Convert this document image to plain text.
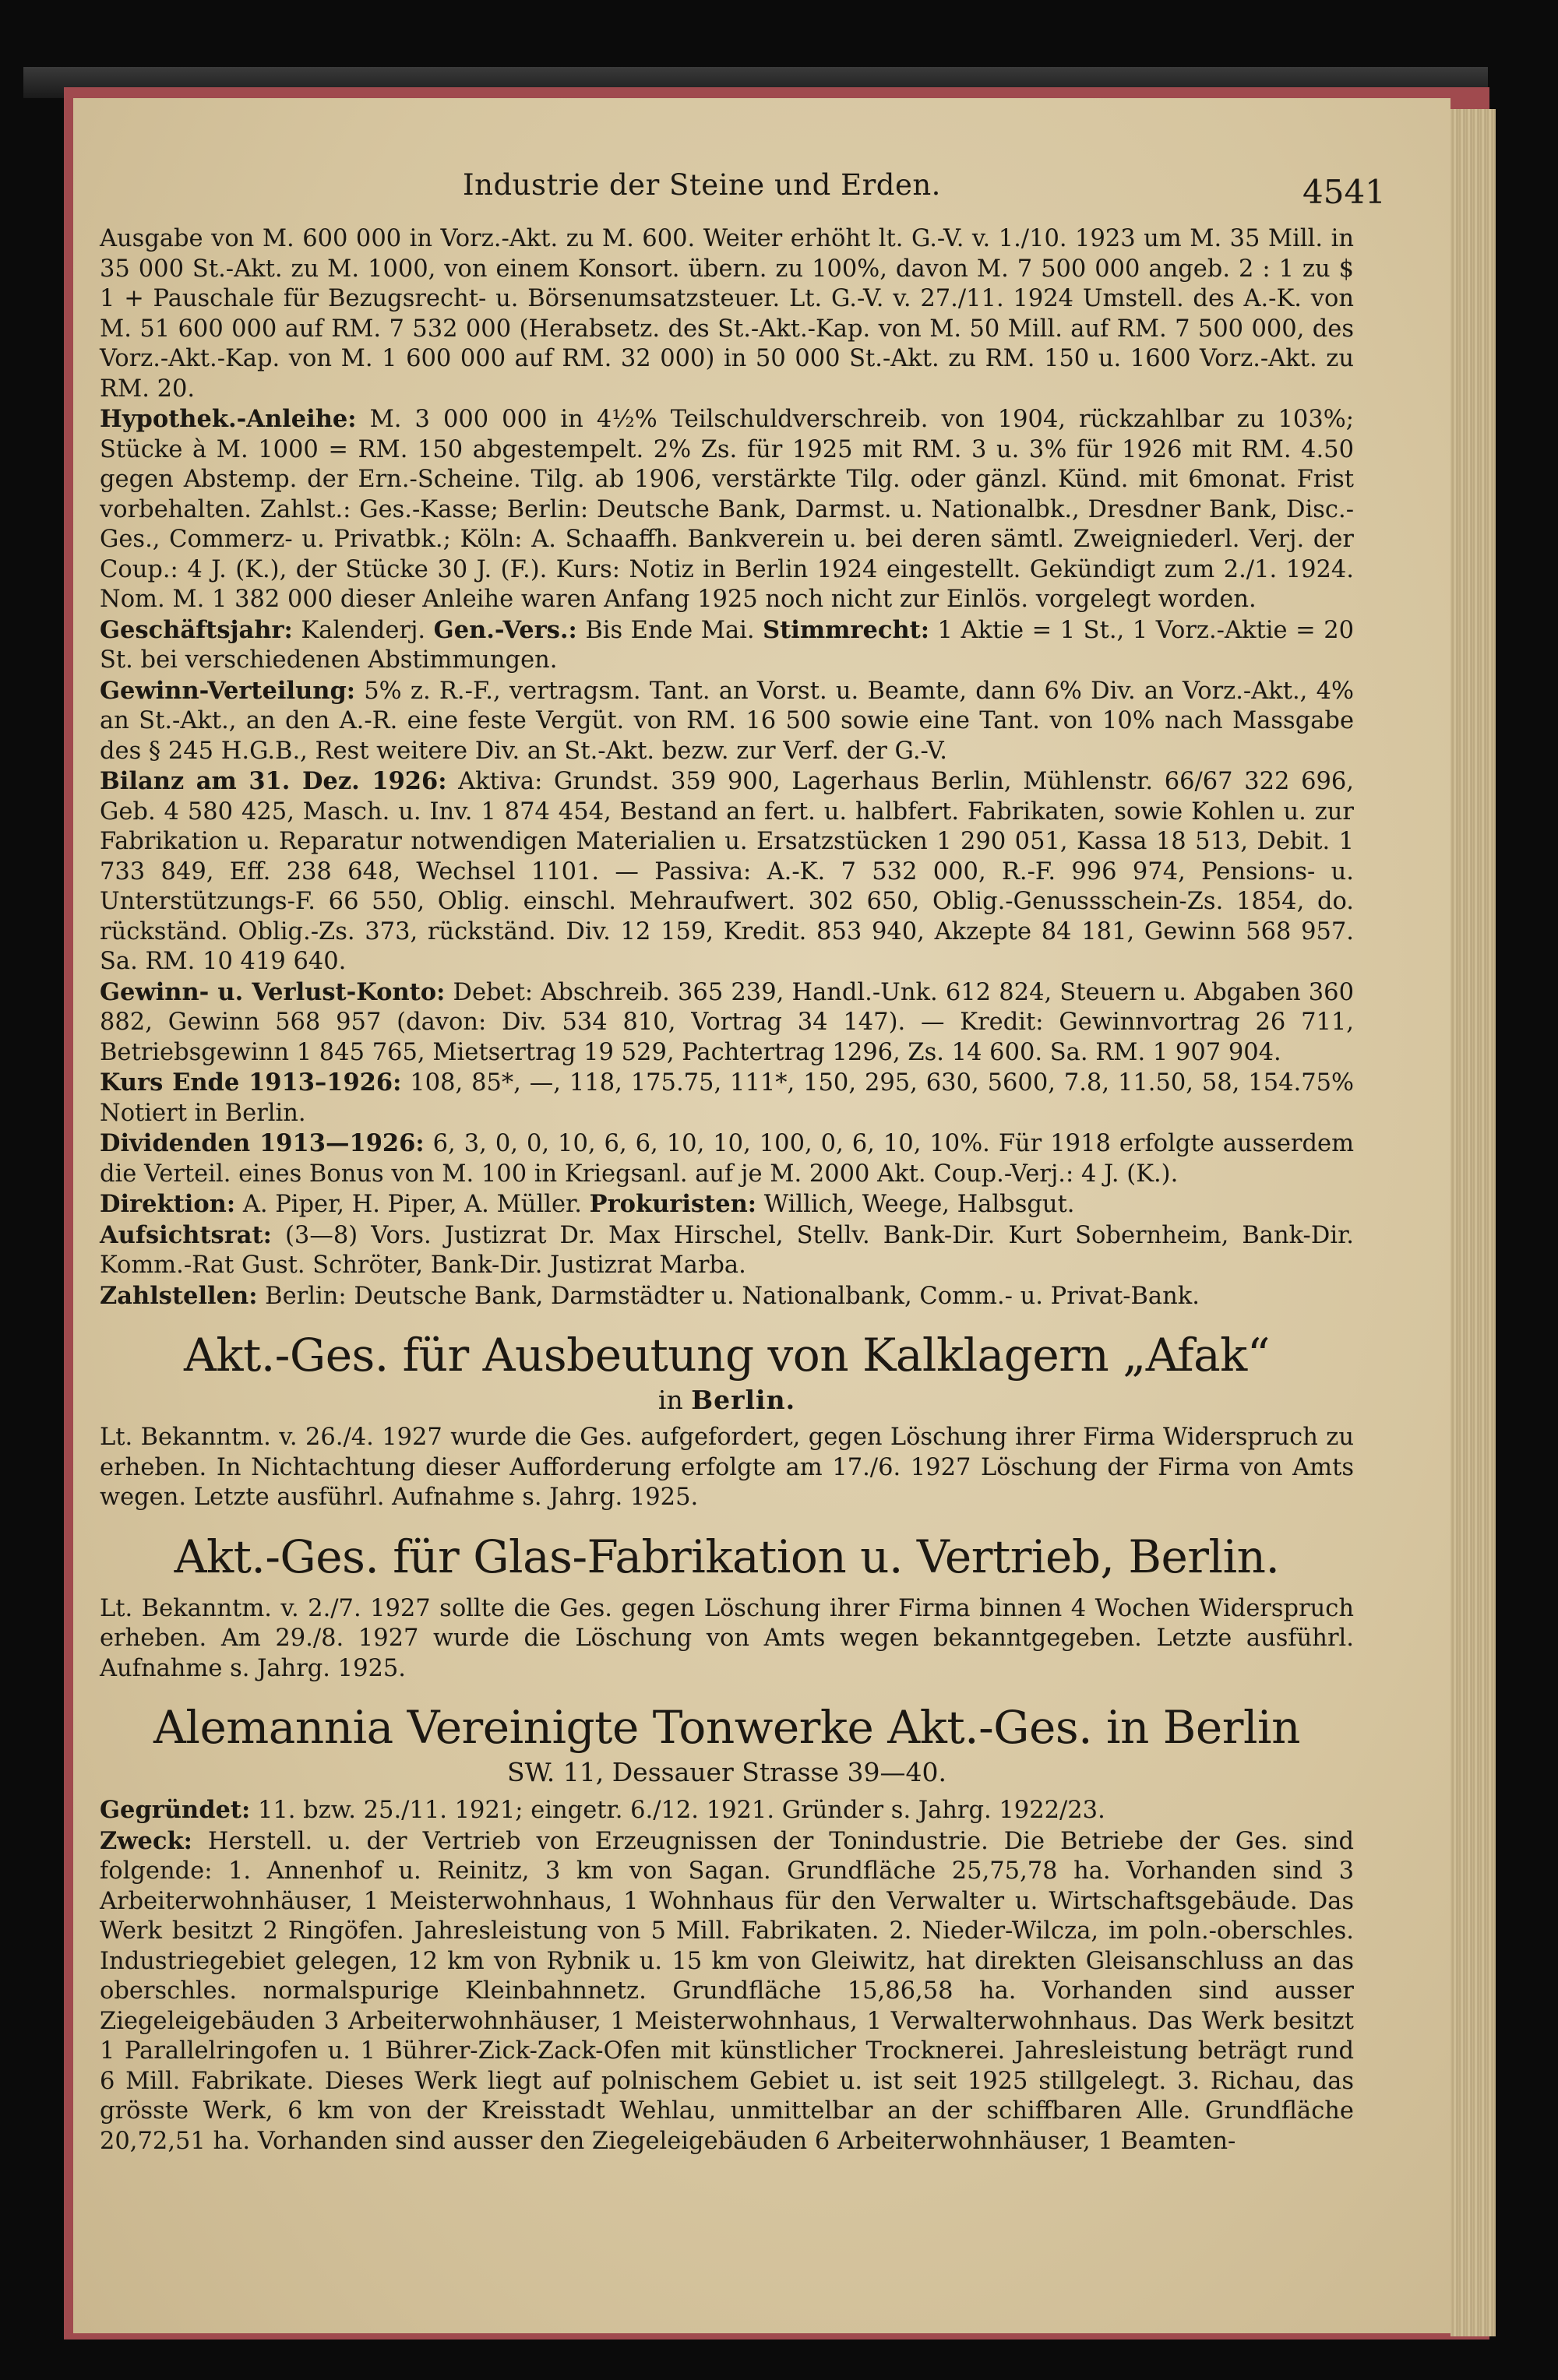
Industrie der Steine und Erden.	4541

Ausgabe von M. 600 000 in Vorz.-Akt. zu M. 600. Weiter erhöht lt. G.-V. v. 1./10. 1923 um M. 35 Mill. in 35 000 St.-Akt. zu M. 1000, von einem Konsort. übern. zu 100%, davon M. 7 500 000 angeb. 2 : 1 zu $ 1 + Pauschale für Bezugsrecht- u. Börsenumsatzsteuer. Lt. G.-V. v. 27./11. 1924 Umstell. des A.-K. von M. 51 600 000 auf RM. 7 532 000 (Herabsetz. des St.-Akt.-Kap. von M. 50 Mill. auf RM. 7 500 000, des Vorz.-Akt.-Kap. von M. 1 600 000 auf RM. 32 000) in 50 000 St.-Akt. zu RM. 150 u. 1600 Vorz.-Akt. zu RM. 20.

Hypothek.-Anleihe: M. 3 000 000 in 4½% Teilschuldverschreib. von 1904, rückzahlbar zu 103%; Stücke à M. 1000 = RM. 150 abgestempelt. 2% Zs. für 1925 mit RM. 3 u. 3% für 1926 mit RM. 4.50 gegen Abstemp. der Ern.-Scheine. Tilg. ab 1906, verstärkte Tilg. oder gänzl. Künd. mit 6monat. Frist vorbehalten. Zahlst.: Ges.-Kasse; Berlin: Deutsche Bank, Darmst. u. Nationalbk., Dresdner Bank, Disc.-Ges., Commerz- u. Privatbk.; Köln: A. Schaaffh. Bankverein u. bei deren sämtl. Zweigniederl. Verj. der Coup.: 4 J. (K.), der Stücke 30 J. (F.). Kurs: Notiz in Berlin 1924 eingestellt. Gekündigt zum 2./1. 1924. Nom. M. 1 382 000 dieser Anleihe waren Anfang 1925 noch nicht zur Einlös. vorgelegt worden.

Geschäftsjahr: Kalenderj. Gen.-Vers.: Bis Ende Mai. Stimmrecht: 1 Aktie = 1 St., 1 Vorz.-Aktie = 20 St. bei verschiedenen Abstimmungen.

Gewinn-Verteilung: 5% z. R.-F., vertragsm. Tant. an Vorst. u. Beamte, dann 6% Div. an Vorz.-Akt., 4% an St.-Akt., an den A.-R. eine feste Vergüt. von RM. 16 500 sowie eine Tant. von 10% nach Massgabe des § 245 H.G.B., Rest weitere Div. an St.-Akt. bezw. zur Verf. der G.-V.

Bilanz am 31. Dez. 1926: Aktiva: Grundst. 359 900, Lagerhaus Berlin, Mühlenstr. 66/67 322 696, Geb. 4 580 425, Masch. u. Inv. 1 874 454, Bestand an fert. u. halbfert. Fabrikaten, sowie Kohlen u. zur Fabrikation u. Reparatur notwendigen Materialien u. Ersatzstücken 1 290 051, Kassa 18 513, Debit. 1 733 849, Eff. 238 648, Wechsel 1101. — Passiva: A.-K. 7 532 000, R.-F. 996 974, Pensions- u. Unterstützungs-F. 66 550, Oblig. einschl. Mehraufwert. 302 650, Oblig.-Genussschein-Zs. 1854, do. rückständ. Oblig.-Zs. 373, rückständ. Div. 12 159, Kredit. 853 940, Akzepte 84 181, Gewinn 568 957. Sa. RM. 10 419 640.

Gewinn- u. Verlust-Konto: Debet: Abschreib. 365 239, Handl.-Unk. 612 824, Steuern u. Abgaben 360 882, Gewinn 568 957 (davon: Div. 534 810, Vortrag 34 147). — Kredit: Gewinnvortrag 26 711, Betriebsgewinn 1 845 765, Mietsertrag 19 529, Pachtertrag 1296, Zs. 14 600. Sa. RM. 1 907 904.

Kurs Ende 1913–1926: 108, 85*, —, 118, 175.75, 111*, 150, 295, 630, 5600, 7.8, 11.50, 58, 154.75% Notiert in Berlin.

Dividenden 1913—1926: 6, 3, 0, 0, 10, 6, 6, 10, 10, 100, 0, 6, 10, 10%. Für 1918 erfolgte ausserdem die Verteil. eines Bonus von M. 100 in Kriegsanl. auf je M. 2000 Akt. Coup.-Verj.: 4 J. (K.).

Direktion: A. Piper, H. Piper, A. Müller. Prokuristen: Willich, Weege, Halbsgut.

Aufsichtsrat: (3—8) Vors. Justizrat Dr. Max Hirschel, Stellv. Bank-Dir. Kurt Sobernheim, Bank-Dir. Komm.-Rat Gust. Schröter, Bank-Dir. Justizrat Marba.

Zahlstellen: Berlin: Deutsche Bank, Darmstädter u. Nationalbank, Comm.- u. Privat-Bank.

Akt.-Ges. für Ausbeutung von Kalklagern „Afak“
in Berlin.

Lt. Bekanntm. v. 26./4. 1927 wurde die Ges. aufgefordert, gegen Löschung ihrer Firma Widerspruch zu erheben. In Nichtachtung dieser Aufforderung erfolgte am 17./6. 1927 Löschung der Firma von Amts wegen. Letzte ausführl. Aufnahme s. Jahrg. 1925.

Akt.-Ges. für Glas-Fabrikation u. Vertrieb, Berlin.

Lt. Bekanntm. v. 2./7. 1927 sollte die Ges. gegen Löschung ihrer Firma binnen 4 Wochen Widerspruch erheben. Am 29./8. 1927 wurde die Löschung von Amts wegen bekanntgegeben. Letzte ausführl. Aufnahme s. Jahrg. 1925.

Alemannia Vereinigte Tonwerke Akt.-Ges. in Berlin
SW. 11, Dessauer Strasse 39—40.

Gegründet: 11. bzw. 25./11. 1921; eingetr. 6./12. 1921. Gründer s. Jahrg. 1922/23.

Zweck: Herstell. u. der Vertrieb von Erzeugnissen der Tonindustrie. Die Betriebe der Ges. sind folgende: 1. Annenhof u. Reinitz, 3 km von Sagan. Grundfläche 25,75,78 ha. Vorhanden sind 3 Arbeiterwohnhäuser, 1 Meisterwohnhaus, 1 Wohnhaus für den Verwalter u. Wirtschaftsgebäude. Das Werk besitzt 2 Ringöfen. Jahresleistung von 5 Mill. Fabrikaten. 2. Nieder-Wilcza, im poln.-oberschles. Industriegebiet gelegen, 12 km von Rybnik u. 15 km von Gleiwitz, hat direkten Gleisanschluss an das oberschles. normalspurige Kleinbahnnetz. Grundfläche 15,86,58 ha. Vorhanden sind ausser Ziegeleigebäuden 3 Arbeiterwohnhäuser, 1 Meisterwohnhaus, 1 Verwalterwohnhaus. Das Werk besitzt 1 Parallelringofen u. 1 Bührer-Zick-Zack-Ofen mit künstlicher Trocknerei. Jahresleistung beträgt rund 6 Mill. Fabrikate. Dieses Werk liegt auf polnischem Gebiet u. ist seit 1925 stillgelegt. 3. Richau, das grösste Werk, 6 km von der Kreisstadt Wehlau, unmittelbar an der schiffbaren Alle. Grundfläche 20,72,51 ha. Vorhanden sind ausser den Ziegeleigebäuden 6 Arbeiterwohnhäuser, 1 Beamten-
